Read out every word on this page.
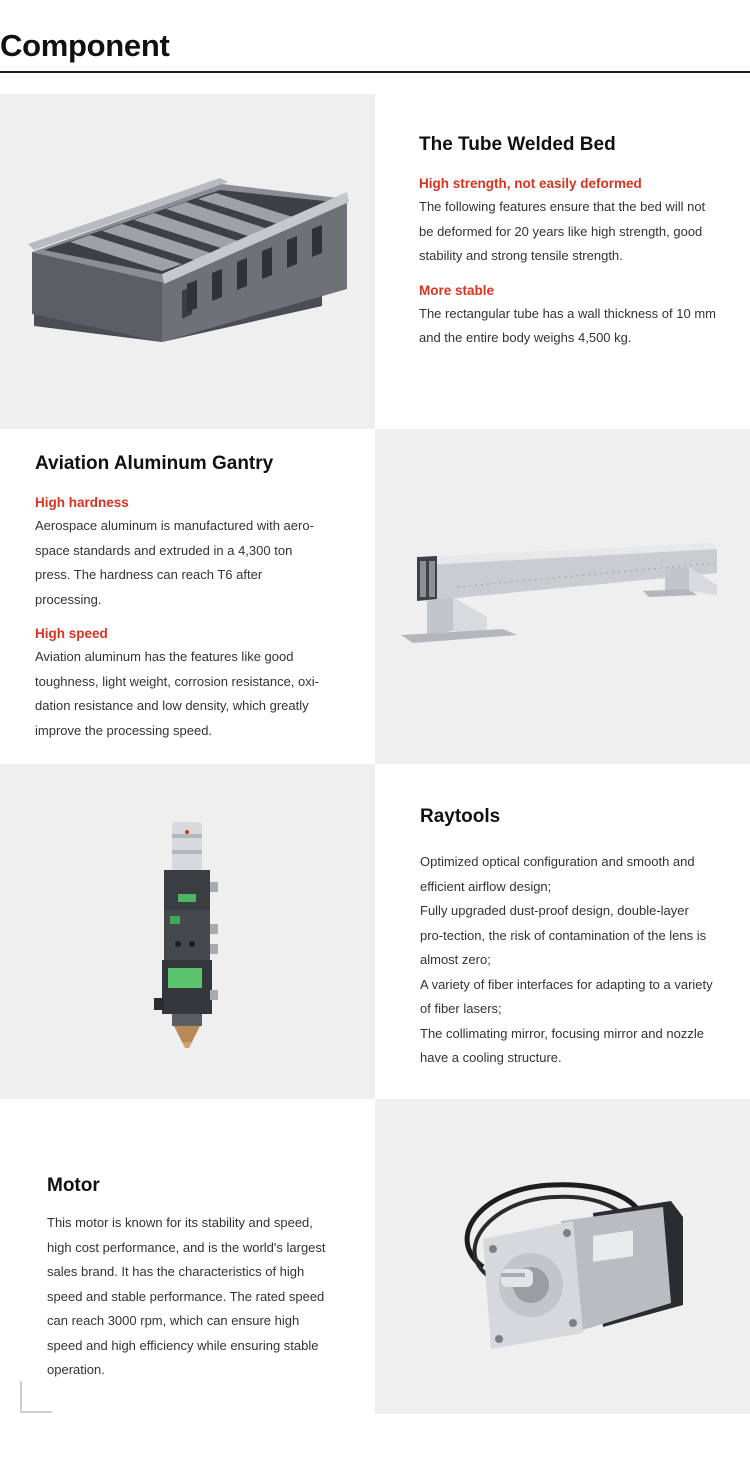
Component
The Tube Welded Bed
High strength, not easily deformed

The following features ensure that the bed will not be deformed for 20 years like high strength, good stability and strong tensile strength.

More stable

The rectangular tube has a wall thickness of 10 mm and the entire body weighs 4,500 kg.

Aviation Aluminum Gantry
High hardness

Aerospace aluminum is manufactured with aero-space standards and extruded in a 4,300 ton press. The hardness can reach T6 after processing.

High speed

Aviation aluminum has the features like good toughness, light weight, corrosion resistance, oxi-dation resistance and low density, which greatly improve the processing speed.

Raytools

Optimized optical configuration and smooth and efficient airflow design;

Fully upgraded dust-proof design, double-layer pro-tection, the risk of contamination of the lens is almost zero;

A variety of fiber interfaces for adapting to a variety of fiber lasers;

The collimating mirror, focusing mirror and nozzle have a cooling structure.

Motor

This motor is known for its stability and speed, high cost performance, and is the world's largest sales brand. It has the characteristics of high speed and stable performance. The rated speed can reach 3000 rpm, which can ensure high speed and high efficiency while ensuring stable operation.
